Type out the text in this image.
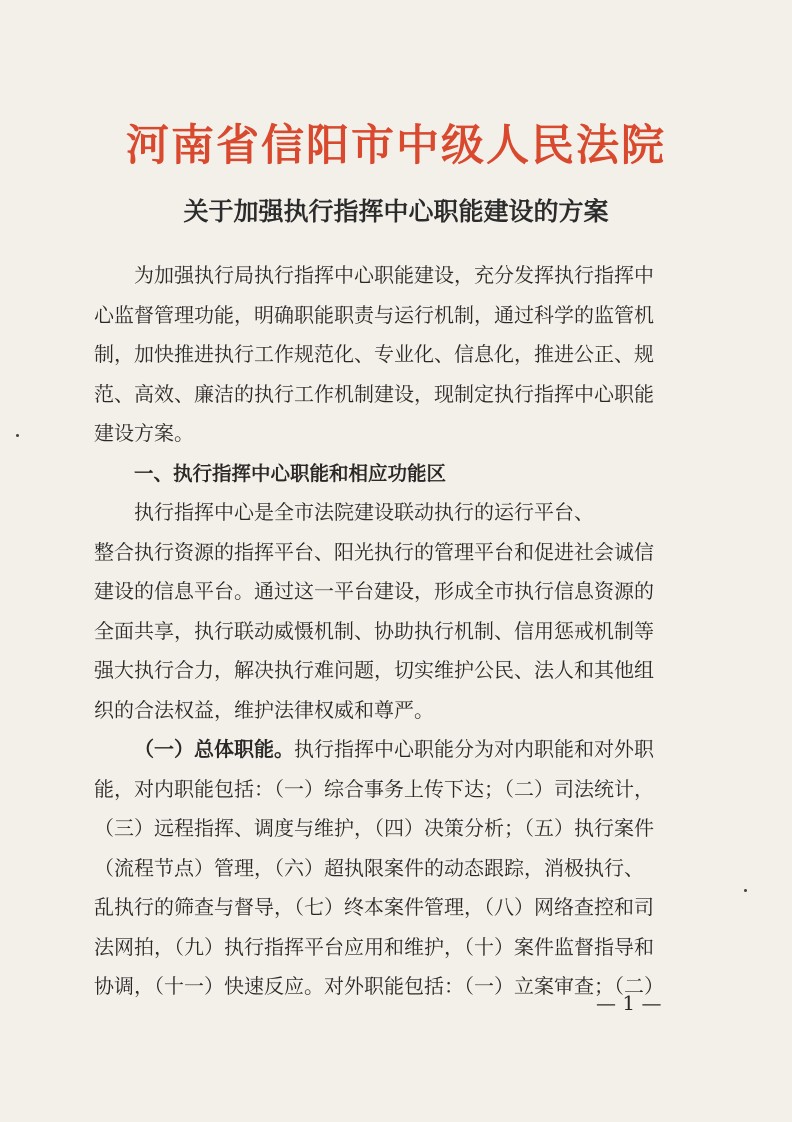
河南省信阳市中级人民法院
关于加强执行指挥中心职能建设的方案
为加强执行局执行指挥中心职能建设，充分发挥执行指挥中
心监督管理功能，明确职能职责与运行机制，通过科学的监管机
制，加快推进执行工作规范化、专业化、信息化，推进公正、规
范、高效、廉洁的执行工作机制建设，现制定执行指挥中心职能
建设方案。
一、执行指挥中心职能和相应功能区
执行指挥中心是全市法院建设联动执行的运行平台、
整合执行资源的指挥平台、阳光执行的管理平台和促进社会诚信
建设的信息平台。通过这一平台建设，形成全市执行信息资源的
全面共享，执行联动威慑机制、协助执行机制、信用惩戒机制等
强大执行合力，解决执行难问题，切实维护公民、法人和其他组
织的合法权益，维护法律权威和尊严。
（一）总体职能。执行指挥中心职能分为对内职能和对外职
能，对内职能包括：（一）综合事务上传下达；（二）司法统计，
（三）远程指挥、调度与维护，（四）决策分析；（五）执行案件
（流程节点）管理，（六）超执限案件的动态跟踪，消极执行、
乱执行的筛查与督导，（七）终本案件管理，（八）网络查控和司
法网拍，（九）执行指挥平台应用和维护，（十）案件监督指导和
协调，（十一）快速反应。对外职能包括：（一）立案审查；（二）
— 1 —
